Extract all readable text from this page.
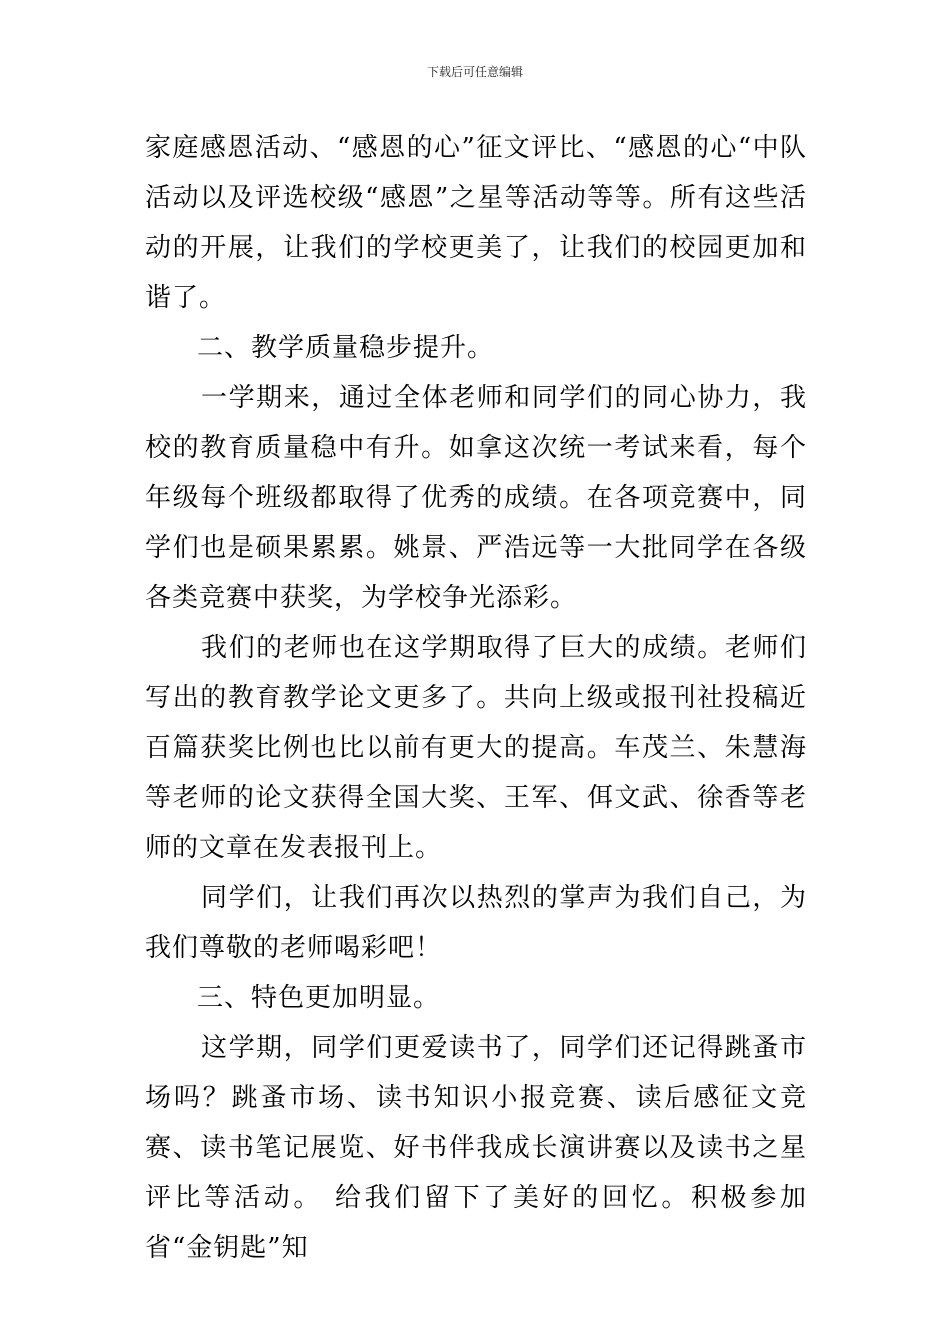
下载后可任意编辑

家庭感恩活动、“感恩的心”征文评比、“感恩的心“中队活动以及评选校级“感恩”之星等活动等等。所有这些活动的开展，让我们的学校更美了，让我们的校园更加和谐了。

二、教学质量稳步提升。

一学期来，通过全体老师和同学们的同心协力，我校的教育质量稳中有升。如拿这次统一考试来看，每个年级每个班级都取得了优秀的成绩。在各项竞赛中，同学们也是硕果累累。姚景、严浩远等一大批同学在各级各类竞赛中获奖，为学校争光添彩。

我们的老师也在这学期取得了巨大的成绩。老师们写出的教育教学论文更多了。共向上级或报刊社投稿近百篇获奖比例也比以前有更大的提高。车茂兰、朱慧海等老师的论文获得全国大奖、王军、佴文武、徐香等老师的文章在发表报刊上。

同学们，让我们再次以热烈的掌声为我们自己，为我们尊敬的老师喝彩吧！

三、特色更加明显。

这学期，同学们更爱读书了，同学们还记得跳蚤市场吗？跳蚤市场、读书知识小报竞赛、读后感征文竞赛、读书笔记展览、好书伴我成长演讲赛以及读书之星评比等活动。 给我们留下了美好的回忆。积极参加省“金钥匙”知
